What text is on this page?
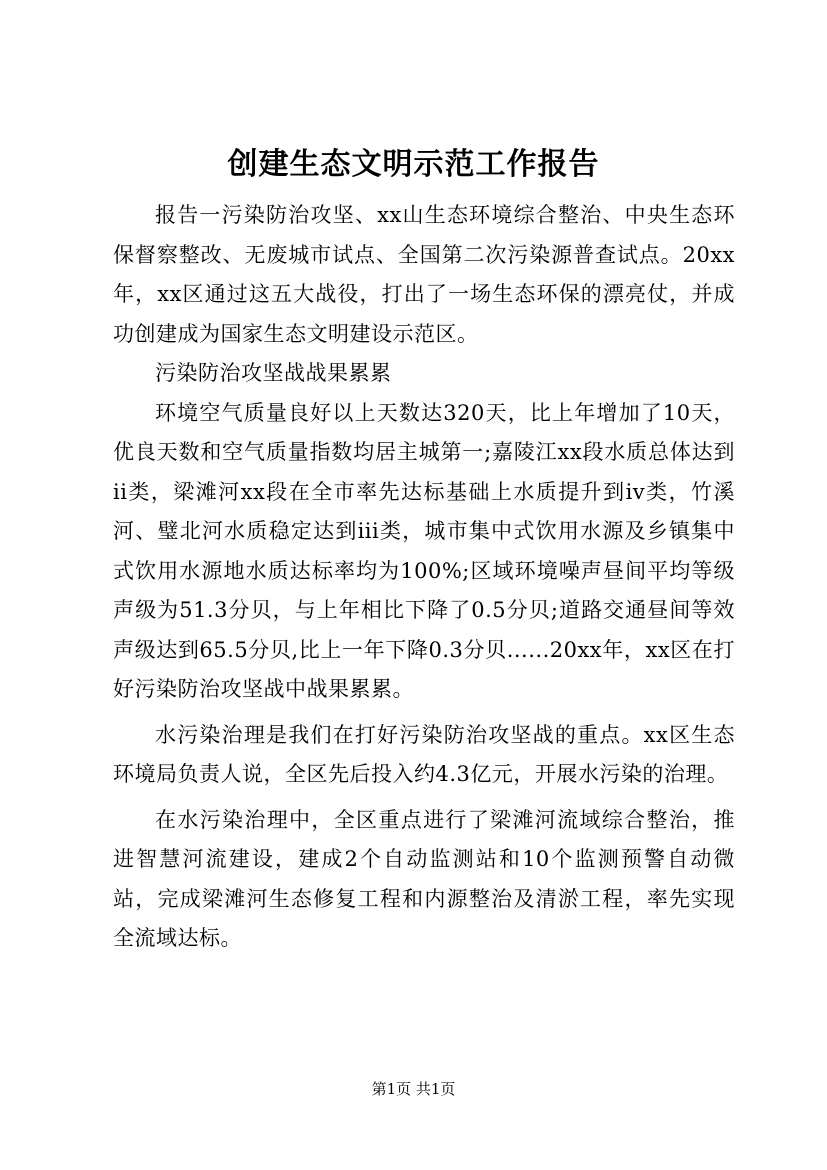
创建生态文明示范工作报告

报告一污染防治攻坚、xx山生态环境综合整治、中央生态环保督察整改、无废城市试点、全国第二次污染源普查试点。20xx年，xx区通过这五大战役，打出了一场生态环保的漂亮仗，并成功创建成为国家生态文明建设示范区。

污染防治攻坚战战果累累

环境空气质量良好以上天数达320天，比上年增加了10天，优良天数和空气质量指数均居主城第一;嘉陵江xx段水质总体达到ii类，梁滩河xx段在全市率先达标基础上水质提升到iv类，竹溪河、璧北河水质稳定达到iii类，城市集中式饮用水源及乡镇集中式饮用水源地水质达标率均为100%;区域环境噪声昼间平均等级声级为51.3分贝，与上年相比下降了0.5分贝;道路交通昼间等效声级达到65.5分贝,比上一年下降0.3分贝......20xx年，xx区在打好污染防治攻坚战中战果累累。

水污染治理是我们在打好污染防治攻坚战的重点。xx区生态环境局负责人说，全区先后投入约4.3亿元，开展水污染的治理。

在水污染治理中，全区重点进行了梁滩河流域综合整治，推进智慧河流建设，建成2个自动监测站和10个监测预警自动微站，完成梁滩河生态修复工程和内源整治及清淤工程，率先实现全流域达标。

第1页 共1页
